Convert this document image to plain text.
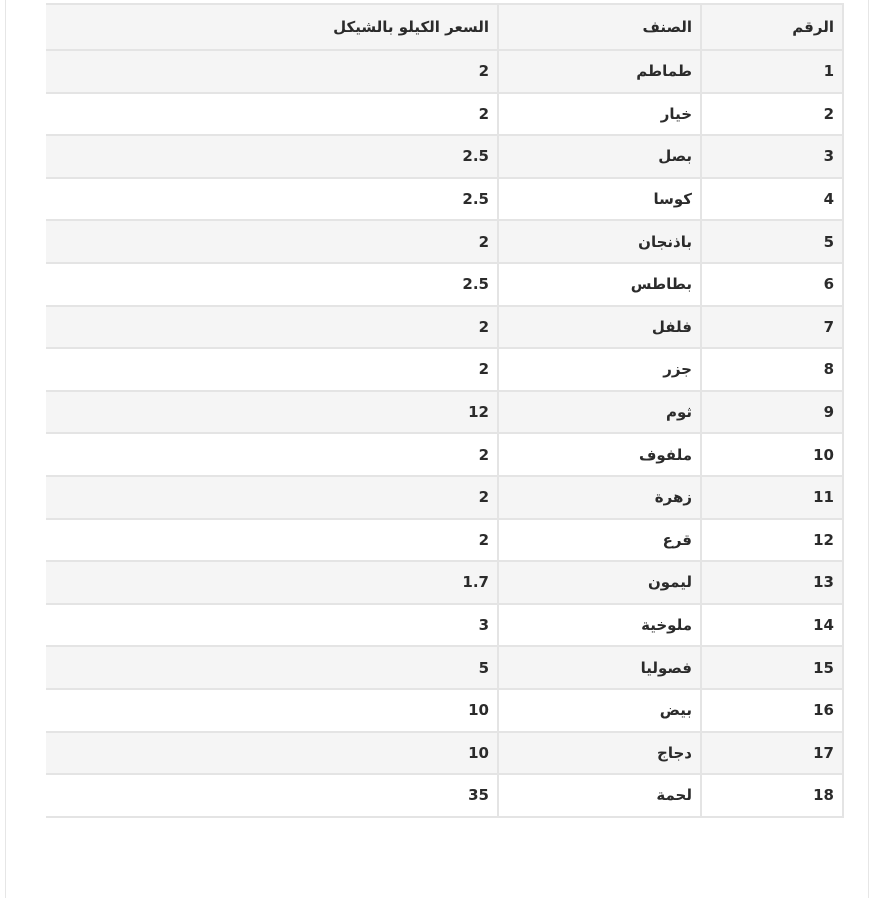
الرقم	الصنف	السعر الكيلو بالشيكل
1	طماطم	2
2	خيار	2
3	بصل	2.5
4	كوسا	2.5
5	باذنجان	2
6	بطاطس	2.5
7	فلفل	2
8	جزر	2
9	ثوم	12
10	ملفوف	2
11	زهرة	2
12	قرع	2
13	ليمون	1.7
14	ملوخية	3
15	فصوليا	5
16	بيض	10
17	دجاج	10
18	لحمة	35
